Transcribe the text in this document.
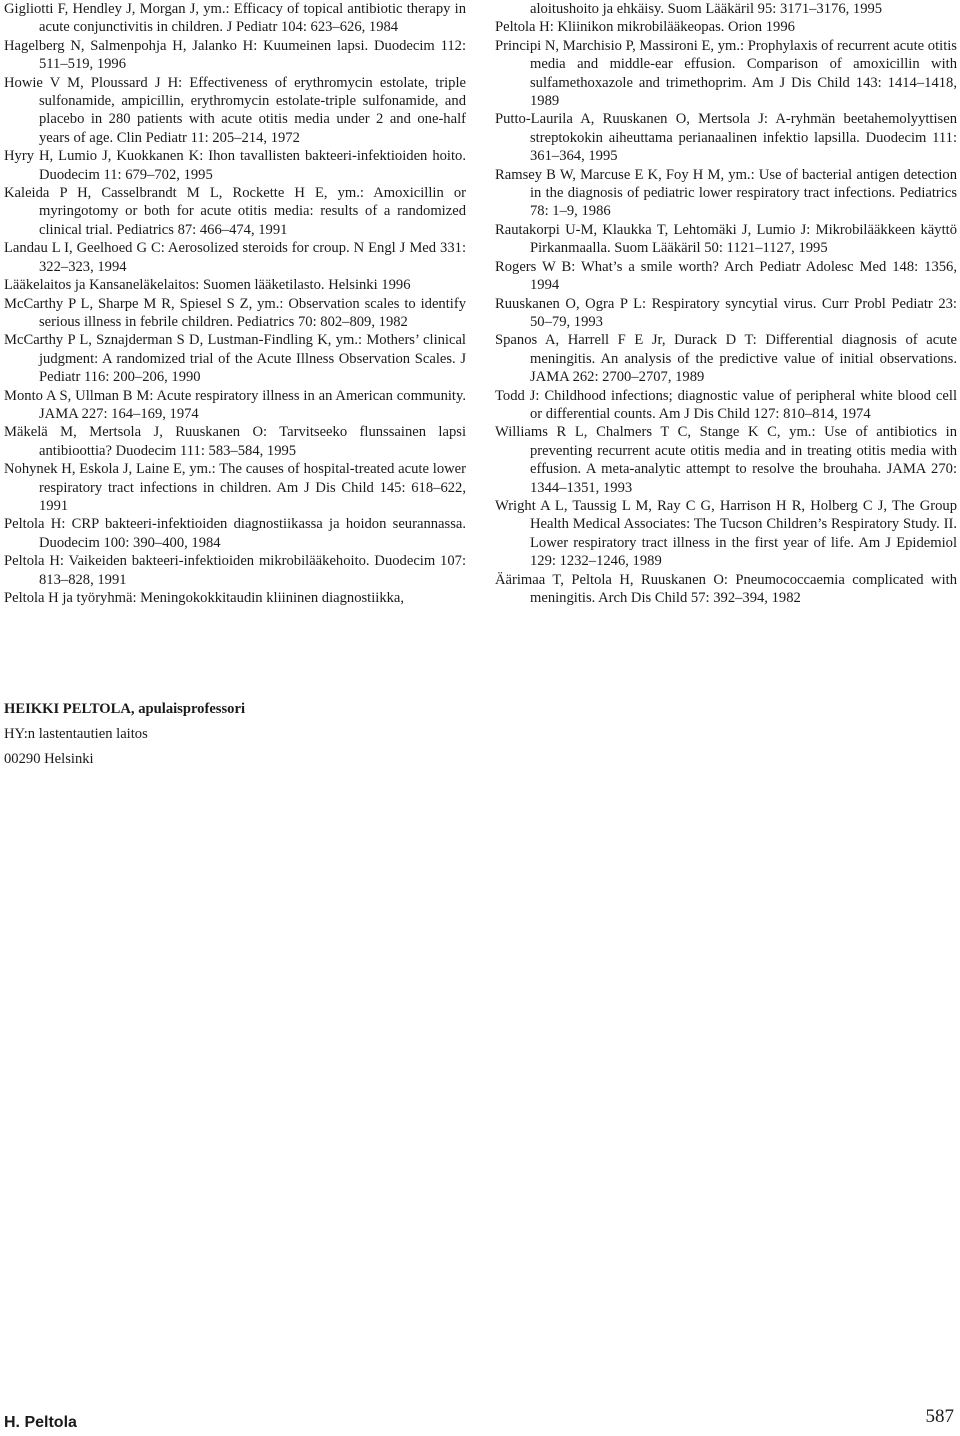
Gigliotti F, Hendley J, Morgan J, ym.: Efficacy of topical antibiotic therapy in acute conjunctivitis in children. J Pediatr 104: 623–626, 1984

Hagelberg N, Salmenpohja H, Jalanko H: Kuumeinen lapsi. Duodecim 112: 511–519, 1996

Howie V M, Ploussard J H: Effectiveness of erythromycin estolate, triple sulfonamide, ampicillin, erythromycin estolate-triple sulfonamide, and placebo in 280 patients with acute otitis media under 2 and one-half years of age. Clin Pediatr 11: 205–214, 1972

Hyry H, Lumio J, Kuokkanen K: Ihon tavallisten bakteeri-infektioiden hoito. Duodecim 11: 679–702, 1995

Kaleida P H, Casselbrandt M L, Rockette H E, ym.: Amoxicillin or myringotomy or both for acute otitis media: results of a randomized clinical trial. Pediatrics 87: 466–474, 1991

Landau L I, Geelhoed G C: Aerosolized steroids for croup. N Engl J Med 331: 322–323, 1994

Lääkelaitos ja Kansaneläkelaitos: Suomen lääketilasto. Helsinki 1996

McCarthy P L, Sharpe M R, Spiesel S Z, ym.: Observation scales to identify serious illness in febrile children. Pediatrics 70: 802–809, 1982

McCarthy P L, Sznajderman S D, Lustman-Findling K, ym.: Mothers’ clinical judgment: A randomized trial of the Acute Illness Observation Scales. J Pediatr 116: 200–206, 1990

Monto A S, Ullman B M: Acute respiratory illness in an American community. JAMA 227: 164–169, 1974

Mäkelä M, Mertsola J, Ruuskanen O: Tarvitseeko flunssainen lapsi antibioottia? Duodecim 111: 583–584, 1995

Nohynek H, Eskola J, Laine E, ym.: The causes of hospital-treated acute lower respiratory tract infections in children. Am J Dis Child 145: 618–622, 1991

Peltola H: CRP bakteeri-infektioiden diagnostiikassa ja hoidon seurannassa. Duodecim 100: 390–400, 1984

Peltola H: Vaikeiden bakteeri-infektioiden mikrobilääkehoito. Duodecim 107: 813–828, 1991

Peltola H ja työryhmä: Meningokokkitaudin kliininen diagnostiikka,

aloitushoito ja ehkäisy. Suom Lääkäril 95: 3171–3176, 1995

Peltola H: Kliinikon mikrobilääkeopas. Orion 1996

Principi N, Marchisio P, Massironi E, ym.: Prophylaxis of recurrent acute otitis media and middle-ear effusion. Comparison of amoxicillin with sulfamethoxazole and trimethoprim. Am J Dis Child 143: 1414–1418, 1989

Putto-Laurila A, Ruuskanen O, Mertsola J: A-ryhmän beetahemolyyttisen streptokokin aiheuttama perianaalinen infektio lapsilla. Duodecim 111: 361–364, 1995

Ramsey B W, Marcuse E K, Foy H M, ym.: Use of bacterial antigen detection in the diagnosis of pediatric lower respiratory tract infections. Pediatrics 78: 1–9, 1986

Rautakorpi U-M, Klaukka T, Lehtomäki J, Lumio J: Mikrobilääkkeen käyttö Pirkanmaalla. Suom Lääkäril 50: 1121–1127, 1995

Rogers W B: What’s a smile worth? Arch Pediatr Adolesc Med 148: 1356, 1994

Ruuskanen O, Ogra P L: Respiratory syncytial virus. Curr Probl Pediatr 23: 50–79, 1993

Spanos A, Harrell F E Jr, Durack D T: Differential diagnosis of acute meningitis. An analysis of the predictive value of initial observations. JAMA 262: 2700–2707, 1989

Todd J: Childhood infections; diagnostic value of peripheral white blood cell or differential counts. Am J Dis Child 127: 810–814, 1974

Williams R L, Chalmers T C, Stange K C, ym.: Use of antibiotics in preventing recurrent acute otitis media and in treating otitis media with effusion. A meta-analytic attempt to resolve the brouhaha. JAMA 270: 1344–1351, 1993

Wright A L, Taussig L M, Ray C G, Harrison H R, Holberg C J, The Group Health Medical Associates: The Tucson Children’s Respiratory Study. II. Lower respiratory tract illness in the first year of life. Am J Epidemiol 129: 1232–1246, 1989

Äärimaa T, Peltola H, Ruuskanen O: Pneumococcaemia complicated with meningitis. Arch Dis Child 57: 392–394, 1982

HEIKKI PELTOLA, apulaisprofessori
HY:n lastentautien laitos
00290 Helsinki
H. Peltola	587
